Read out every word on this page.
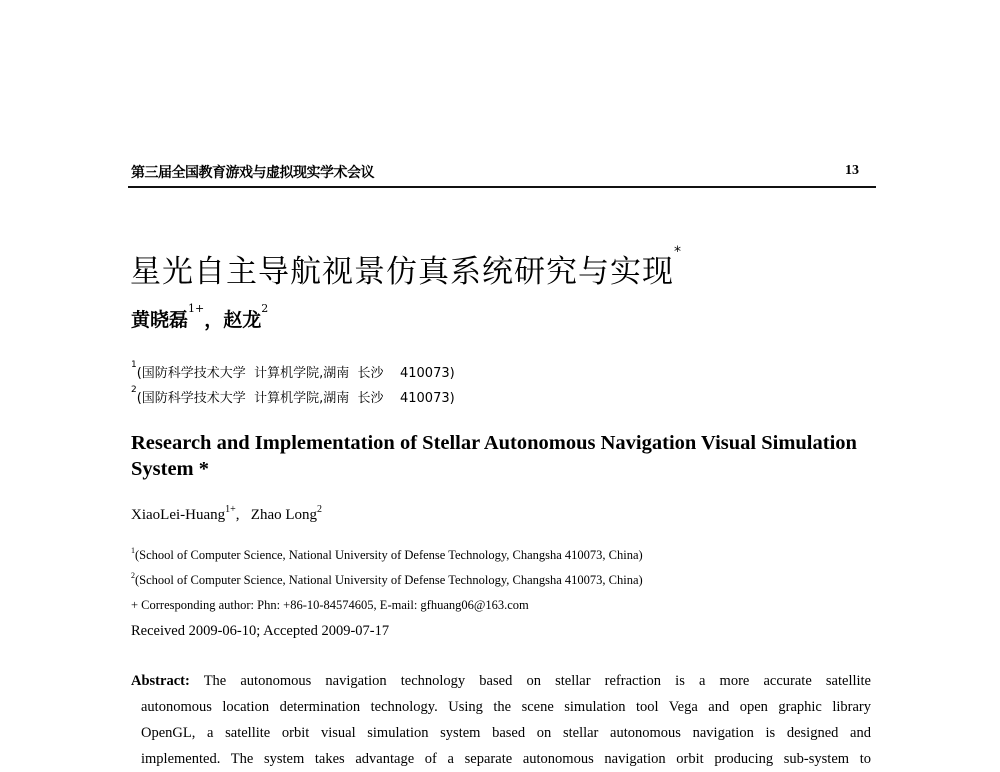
第三届全国教育游戏与虚拟现实学术会议	13
星光自主导航视景仿真系统研究与实现*
黄晓磊$^{1+}$，赵龙$^2$
$^1$(国防科学技术大学  计算机学院,湖南  长沙    410073)
$^2$(国防科学技术大学  计算机学院,湖南  长沙    410073)
Research and Implementation of Stellar Autonomous Navigation Visual Simulation System *
XiaoLei-Huang$^{1+}$,   Zhao Long$^2$
$^1$(School of Computer Science, National University of Defense Technology, Changsha 410073, China)
$^2$(School of Computer Science, National University of Defense Technology, Changsha 410073, China)
+ Corresponding author: Phn: +86-10-84574605, E-mail: gfhuang06@163.com
Received 2009-06-10; Accepted 2009-07-17
Abstract: The autonomous navigation technology based on stellar refraction is a more accurate satellite
autonomous location determination technology. Using the scene simulation tool Vega and open graphic library
OpenGL, a satellite orbit visual simulation system based on stellar autonomous navigation is designed and
implemented. The system takes advantage of a separate autonomous navigation orbit producing sub-system to
